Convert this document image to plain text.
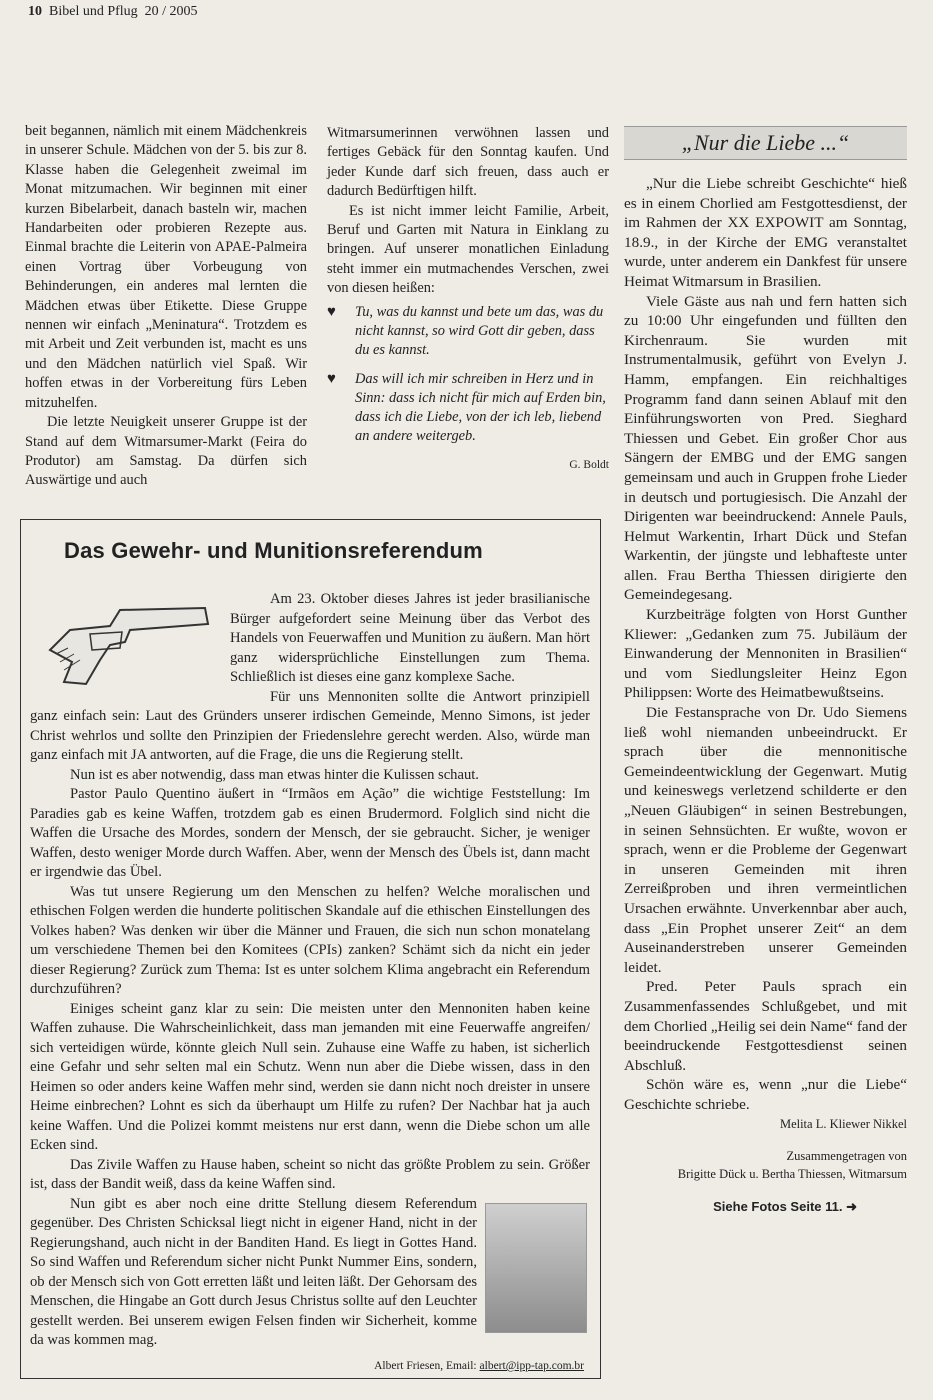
10 Bibel und Pflug 20 / 2005

beit begannen, nämlich mit einem Mädchenkreis in unserer Schule. Mädchen von der 5. bis zur 8. Klasse haben die Gelegenheit zweimal im Monat mitzumachen. Wir beginnen mit einer kurzen Bibelarbeit, danach basteln wir, machen Handarbeiten oder probieren Rezepte aus. Einmal brachte die Leiterin von APAE-Palmeira einen Vortrag über Vorbeugung von Behinderungen, ein anderes mal lernten die Mädchen etwas über Etikette. Diese Gruppe nennen wir einfach „Meninatura“. Trotzdem es mit Arbeit und Zeit verbunden ist, macht es uns und den Mädchen natürlich viel Spaß. Wir hoffen etwas in der Vorbereitung fürs Leben mitzuhelfen.

Die letzte Neuigkeit unserer Gruppe ist der Stand auf dem Witmarsumer-Markt (Feira do Produtor) am Samstag. Da dürfen sich Auswärtige und auch

Witmarsumerinnen verwöhnen lassen und fertiges Gebäck für den Sonntag kaufen. Und jeder Kunde darf sich freuen, dass auch er dadurch Bedürftigen hilft.

Es ist nicht immer leicht Familie, Arbeit, Beruf und Garten mit Natura in Einklang zu bringen. Auf unserer monatlichen Einladung steht immer ein mutmachendes Verschen, zwei von diesen heißen:

♥	Tu, was du kannst und bete um das, was du nicht kannst, so wird Gott dir geben, dass du es kannst.
♥	Das will ich mir schreiben in Herz und in Sinn: dass ich nicht für mich auf Erden bin, dass ich die Liebe, von der ich leb, liebend an andere weitergeb.
G. Boldt
„Nur die Liebe ...“

„Nur die Liebe schreibt Geschichte“ hieß es in einem Chorlied am Festgottesdienst, der im Rahmen der XX EXPOWIT am Sonntag, 18.9., in der Kirche der EMG veranstaltet wurde, unter anderem ein Dankfest für unsere Heimat Witmarsum in Brasilien.

Viele Gäste aus nah und fern hatten sich zu 10:00 Uhr eingefunden und füllten den Kirchenraum. Sie wurden mit Instrumentalmusik, geführt von Evelyn J. Hamm, empfangen. Ein reichhaltiges Programm fand dann seinen Ablauf mit den Einführungsworten von Pred. Sieghard Thiessen und Gebet. Ein großer Chor aus Sängern der EMBG und der EMG sangen gemeinsam und auch in Gruppen frohe Lieder in deutsch und portugiesisch. Die Anzahl der Dirigenten war beeindruckend: Annele Pauls, Helmut Warkentin, Irhart Dück und Stefan Warkentin, der jüngste und lebhafteste unter allen. Frau Bertha Thiessen dirigierte den Gemeindegesang.

Kurzbeiträge folgten von Horst Gunther Kliewer: „Gedanken zum 75. Jubiläum der Einwanderung der Mennoniten in Brasilien“ und vom Siedlungsleiter Heinz Egon Philippsen: Worte des Heimatbewußtseins.

Die Festansprache von Dr. Udo Siemens ließ wohl niemanden unbeeindruckt. Er sprach über die mennonitische Gemeindeentwicklung der Gegenwart. Mutig und keineswegs verletzend schilderte er den „Neuen Gläubigen“ in seinen Bestrebungen, in seinen Sehnsüchten. Er wußte, wovon er sprach, wenn er die Probleme der Gegenwart in unseren Gemeinden mit ihren Zerreißproben und ihren vermeintlichen Ursachen erwähnte. Unverkennbar aber auch, dass „Ein Prophet unserer Zeit“ an dem Auseinanderstreben unserer Gemeinden leidet.

Pred. Peter Pauls sprach ein Zusammenfassendes Schlußgebet, und mit dem Chorlied „Heilig sei dein Name“ fand der beeindruckende Festgottesdienst seinen Abschluß.

Schön wäre es, wenn „nur die Liebe“ Geschichte schriebe.

Melita L. Kliewer Nikkel
Zusammengetragen von
Brigitte Dück u. Bertha Thiessen, Witmarsum
Siehe Fotos Seite 11. ➜
Das Gewehr- und Munitionsreferendum

Am 23. Oktober dieses Jahres ist jeder brasilianische Bürger aufgefordert seine Meinung über das Verbot des Handels von Feuerwaffen und Munition zu äußern. Man hört ganz widersprüchliche Einstellungen zum Thema. Schließlich ist dieses eine ganz komplexe Sache.

Für uns Mennoniten sollte die Antwort prinzipiell ganz einfach sein: Laut des Gründers unserer irdischen Gemeinde, Menno Simons, ist jeder Christ wehrlos und sollte den Prinzipien der Friedenslehre gerecht werden. Also, würde man ganz einfach mit JA antworten, auf die Frage, die uns die Regierung stellt.

Nun ist es aber notwendig, dass man etwas hinter die Kulissen schaut.

Pastor Paulo Quentino äußert in “Irmãos em Ação” die wichtige Feststellung: Im Paradies gab es keine Waffen, trotzdem gab es einen Brudermord. Folglich sind nicht die Waffen die Ursache des Mordes, sondern der Mensch, der sie gebraucht. Sicher, je weniger Waffen, desto weniger Morde durch Waffen. Aber, wenn der Mensch des Übels ist, dann macht er irgendwie das Übel.

Was tut unsere Regierung um den Menschen zu helfen? Welche moralischen und ethischen Folgen werden die hunderte politischen Skandale auf die ethischen Einstellungen des Volkes haben? Was denken wir über die Männer und Frauen, die sich nun schon monatelang um verschiedene Themen bei den Komitees (CPIs) zanken? Schämt sich da nicht ein jeder dieser Regierung? Zurück zum Thema: Ist es unter solchem Klima angebracht ein Referendum durchzuführen?

Einiges scheint ganz klar zu sein: Die meisten unter den Mennoniten haben keine Waffen zuhause. Die Wahrscheinlichkeit, dass man jemanden mit eine Feuerwaffe angreifen/ sich verteidigen würde, könnte gleich Null sein. Zuhause eine Waffe zu haben, ist sicherlich eine Gefahr und sehr selten mal ein Schutz. Wenn nun aber die Diebe wissen, dass in den Heimen so oder anders keine Waffen mehr sind, werden sie dann nicht noch dreister in unsere Heime einbrechen? Lohnt es sich da überhaupt um Hilfe zu rufen? Der Nachbar hat ja auch keine Waffen. Und die Polizei kommt meistens nur erst dann, wenn die Diebe schon um alle Ecken sind.

Das Zivile Waffen zu Hause haben, scheint so nicht das größte Problem zu sein. Größer ist, dass der Bandit weiß, dass da keine Waffen sind.

Nun gibt es aber noch eine dritte Stellung diesem Referendum gegenüber. Des Christen Schicksal liegt nicht in eigener Hand, nicht in der Regierungshand, auch nicht in der Banditen Hand. Es liegt in Gottes Hand. So sind Waffen und Referendum sicher nicht Punkt Nummer Eins, sondern, ob der Mensch sich von Gott erretten läßt und leiten läßt. Der Gehorsam des Menschen, die Hingabe an Gott durch Jesus Christus sollte auf den Leuchter gestellt werden. Bei unserem ewigen Felsen finden wir Sicherheit, komme da was kommen mag.

Albert Friesen, Email: albert@ipp-tap.com.br
